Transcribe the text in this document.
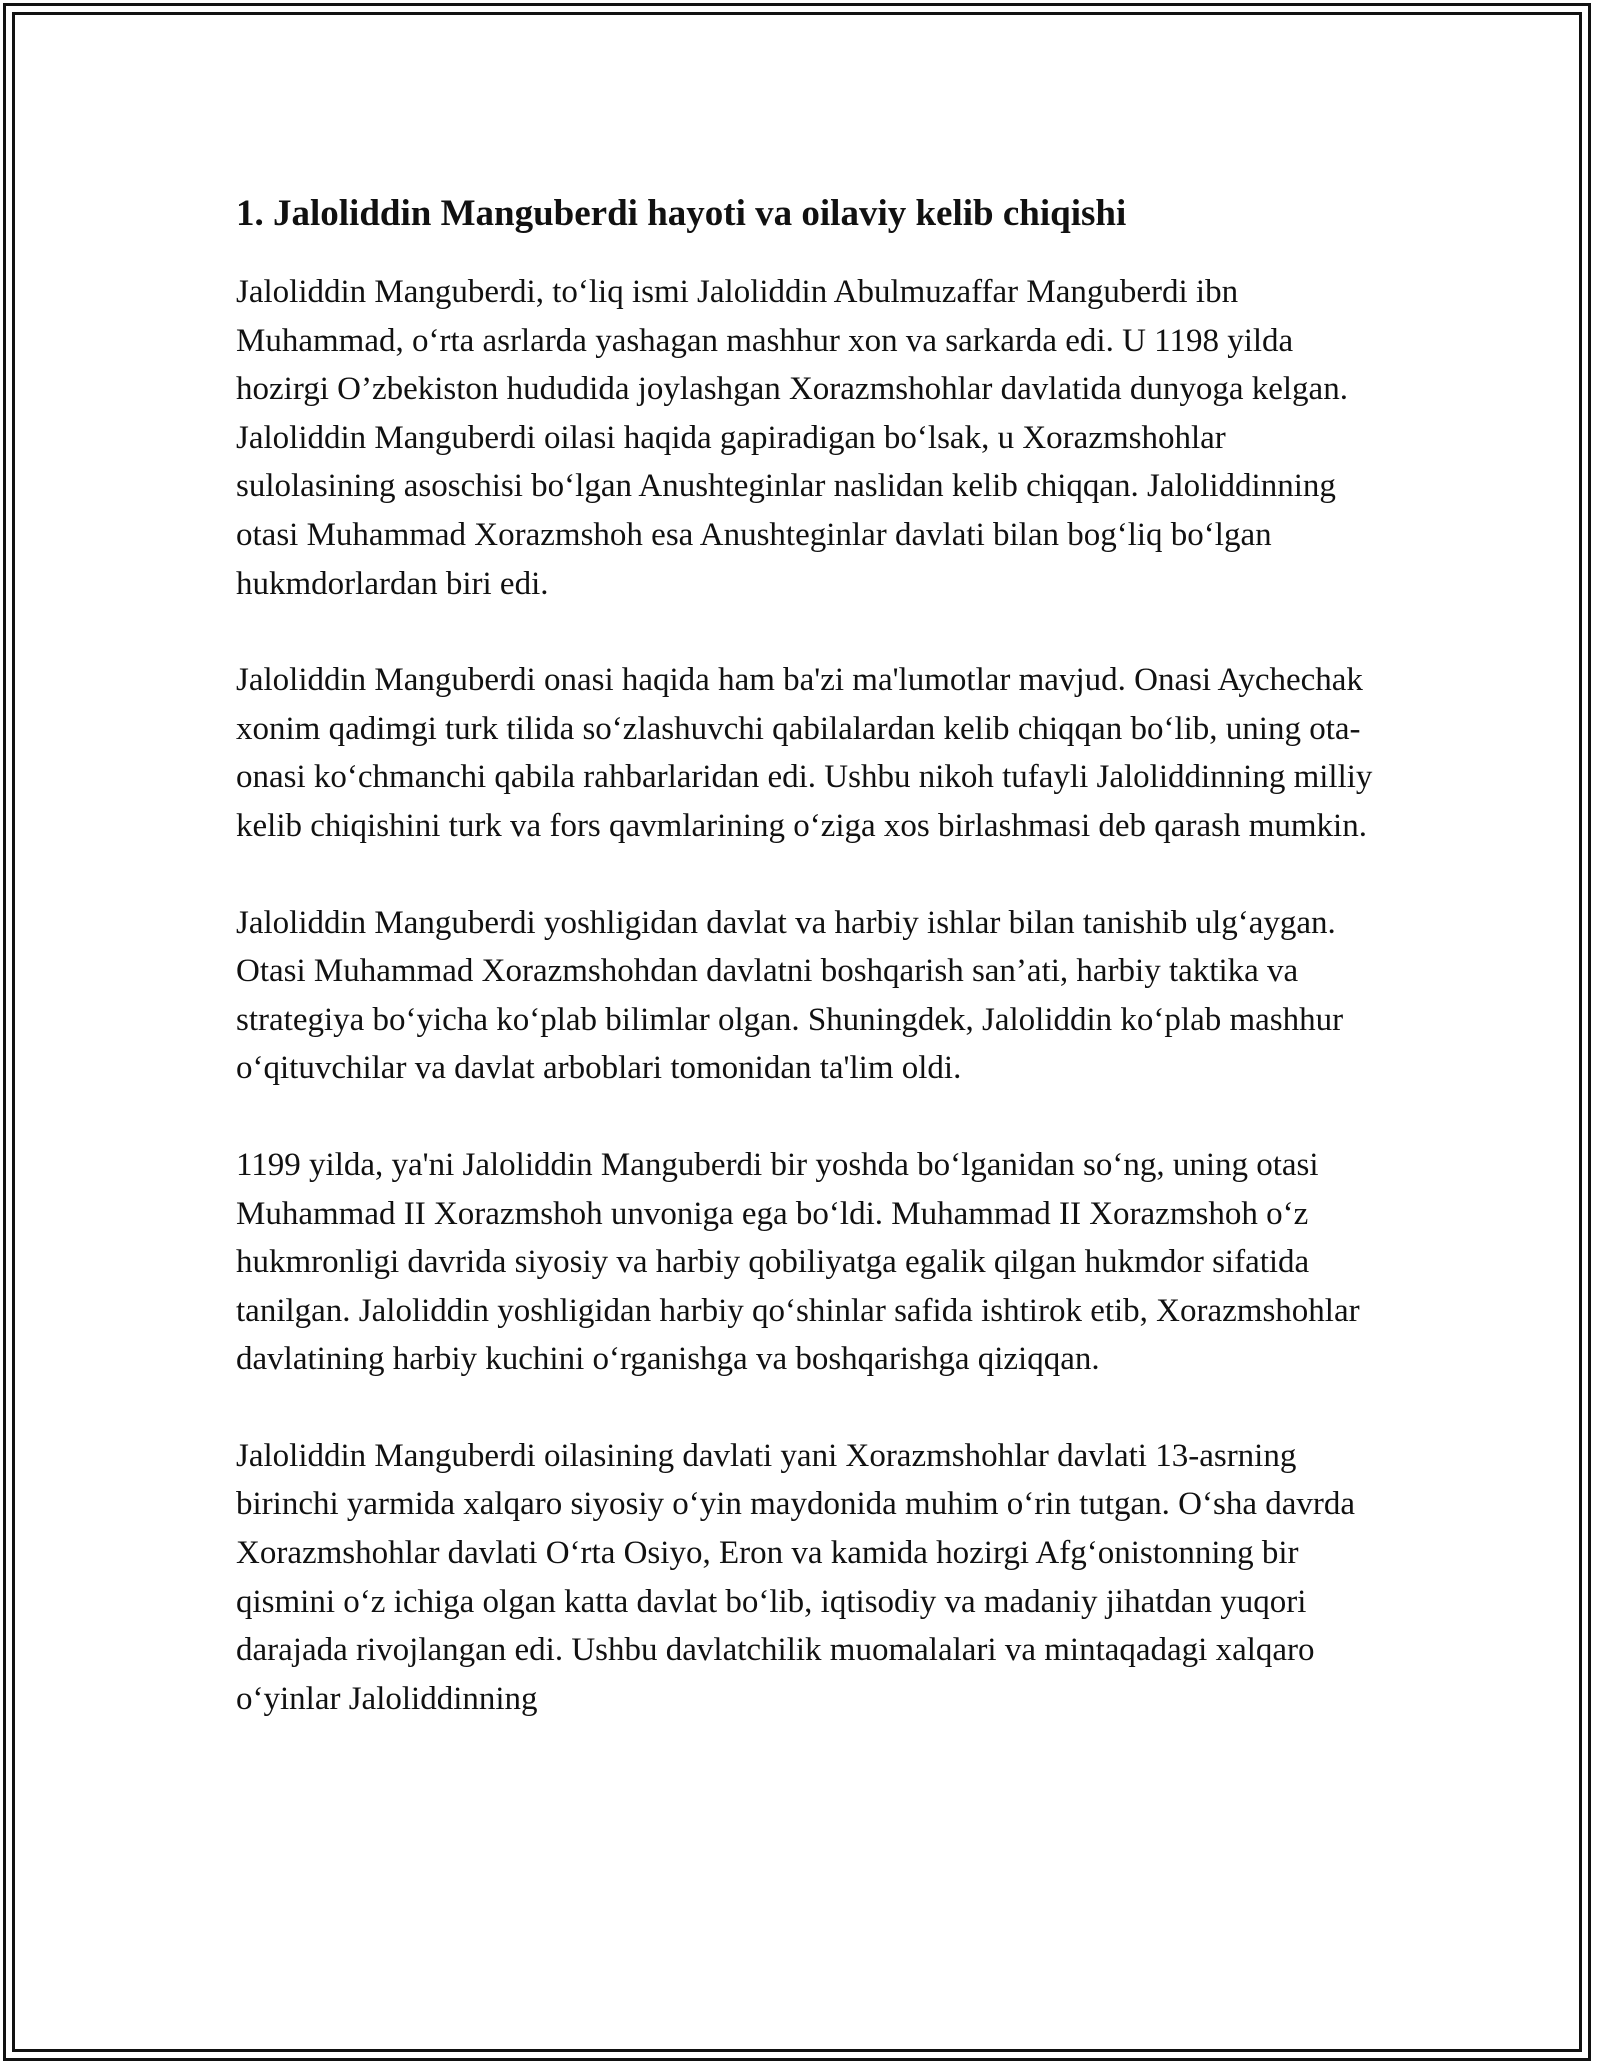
1. Jaloliddin Manguberdi hayoti va oilaviy kelib chiqishi

Jaloliddin Manguberdi, to‘liq ismi Jaloliddin Abulmuzaffar Manguberdi ibn Muhammad, o‘rta asrlarda yashagan mashhur xon va sarkarda edi. U 1198 yilda hozirgi O’zbekiston hududida joylashgan Xorazmshohlar davlatida dunyoga kelgan. Jaloliddin Manguberdi oilasi haqida gapiradigan bo‘lsak, u Xorazmshohlar sulolasining asoschisi bo‘lgan Anushteginlar naslidan kelib chiqqan. Jaloliddinning otasi Muhammad Xorazmshoh esa Anushteginlar davlati bilan bog‘liq bo‘lgan hukmdorlardan biri edi.

Jaloliddin Manguberdi onasi haqida ham ba'zi ma'lumotlar mavjud. Onasi Aychechak xonim qadimgi turk tilida so‘zlashuvchi qabilalardan kelib chiqqan bo‘lib, uning ota-onasi ko‘chmanchi qabila rahbarlaridan edi. Ushbu nikoh tufayli Jaloliddinning milliy kelib chiqishini turk va fors qavmlarining o‘ziga xos birlashmasi deb qarash mumkin.

Jaloliddin Manguberdi yoshligidan davlat va harbiy ishlar bilan tanishib ulg‘aygan. Otasi Muhammad Xorazmshohdan davlatni boshqarish san’ati, harbiy taktika va strategiya bo‘yicha ko‘plab bilimlar olgan. Shuningdek, Jaloliddin ko‘plab mashhur o‘qituvchilar va davlat arboblari tomonidan ta'lim oldi.

1199 yilda, ya'ni Jaloliddin Manguberdi bir yoshda bo‘lganidan so‘ng, uning otasi Muhammad II Xorazmshoh unvoniga ega bo‘ldi. Muhammad II Xorazmshoh o‘z hukmronligi davrida siyosiy va harbiy qobiliyatga egalik qilgan hukmdor sifatida tanilgan. Jaloliddin yoshligidan harbiy qo‘shinlar safida ishtirok etib, Xorazmshohlar davlatining harbiy kuchini o‘rganishga va boshqarishga qiziqqan.

Jaloliddin Manguberdi oilasining davlati yani Xorazmshohlar davlati 13-asrning birinchi yarmida xalqaro siyosiy o‘yin maydonida muhim o‘rin tutgan. O‘sha davrda Xorazmshohlar davlati O‘rta Osiyo, Eron va kamida hozirgi Afg‘onistonning bir qismini o‘z ichiga olgan katta davlat bo‘lib, iqtisodiy va madaniy jihatdan yuqori darajada rivojlangan edi. Ushbu davlatchilik muomalalari va mintaqadagi xalqaro o‘yinlar Jaloliddinning
